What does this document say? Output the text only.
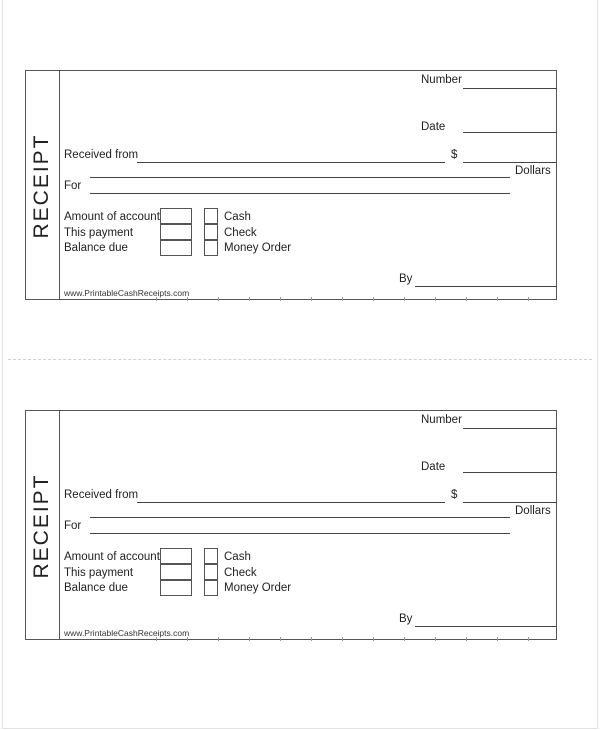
RECEIPT
Number
Date
Received from	$
Dollars
For
Amount of account
This payment
Balance due
Cash
Check
Money Order
By
www.PrintableCashReceipts.com
RECEIPT
Number
Date
Received from	$
Dollars
For
Amount of account
This payment
Balance due
Cash
Check
Money Order
By
www.PrintableCashReceipts.com
